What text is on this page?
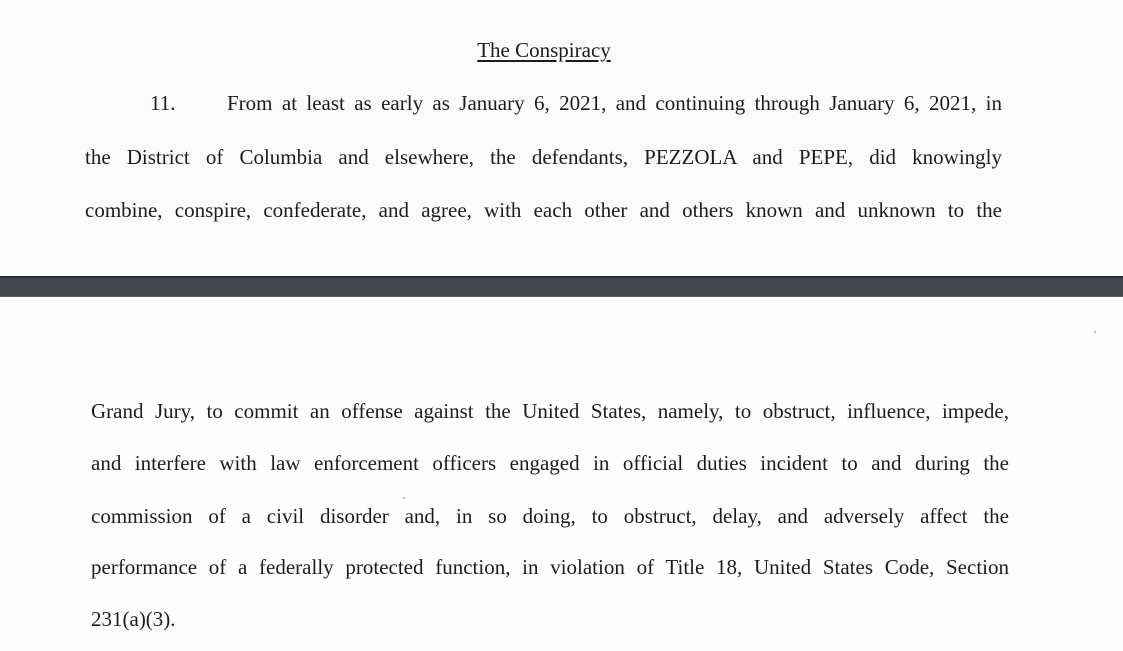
The Conspiracy
11. From at least as early as January 6, 2021, and continuing through January 6, 2021, in
the District of Columbia and elsewhere, the defendants, PEZZOLA and PEPE, did knowingly
combine, conspire, confederate, and agree, with each other and others known and unknown to the
Grand Jury, to commit an offense against the United States, namely, to obstruct, influence, impede,
and interfere with law enforcement officers engaged in official duties incident to and during the
commission of a civil disorder and, in so doing, to obstruct, delay, and adversely affect the
performance of a federally protected function, in violation of Title 18, United States Code, Section
231(a)(3).
